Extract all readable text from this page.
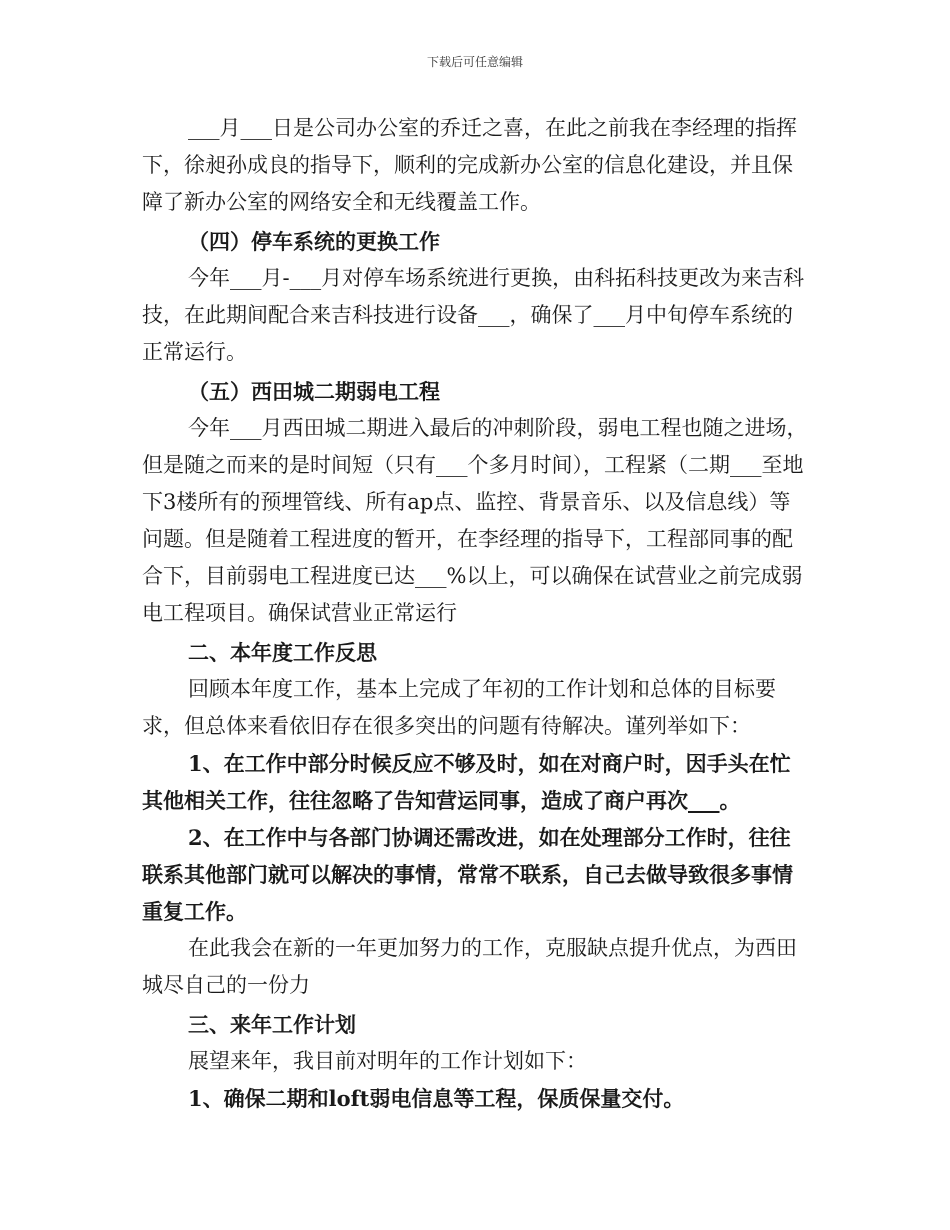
下载后可任意编辑

___月___日是公司办公室的乔迁之喜，在此之前我在李经理的指挥下，徐昶孙成良的指导下，顺利的完成新办公室的信息化建设，并且保障了新办公室的网络安全和无线覆盖工作。

（四）停车系统的更换工作

今年___月-___月对停车场系统进行更换，由科拓科技更改为来吉科技，在此期间配合来吉科技进行设备___，确保了___月中旬停车系统的正常运行。

（五）西田城二期弱电工程

今年___月西田城二期进入最后的冲刺阶段，弱电工程也随之进场，但是随之而来的是时间短（只有___个多月时间），工程紧（二期___至地下3楼所有的预埋管线、所有ap点、监控、背景音乐、以及信息线）等问题。但是随着工程进度的暂开，在李经理的指导下，工程部同事的配合下，目前弱电工程进度已达___%以上，可以确保在试营业之前完成弱电工程项目。确保试营业正常运行

二、本年度工作反思

回顾本年度工作，基本上完成了年初的工作计划和总体的目标要求，但总体来看依旧存在很多突出的问题有待解决。谨列举如下：

1、在工作中部分时候反应不够及时，如在对商户时，因手头在忙其他相关工作，往往忽略了告知营运同事，造成了商户再次___。

2、在工作中与各部门协调还需改进，如在处理部分工作时，往往联系其他部门就可以解决的事情，常常不联系，自己去做导致很多事情重复工作。

在此我会在新的一年更加努力的工作，克服缺点提升优点，为西田城尽自己的一份力

三、来年工作计划

展望来年，我目前对明年的工作计划如下：

1、确保二期和loft弱电信息等工程，保质保量交付。
